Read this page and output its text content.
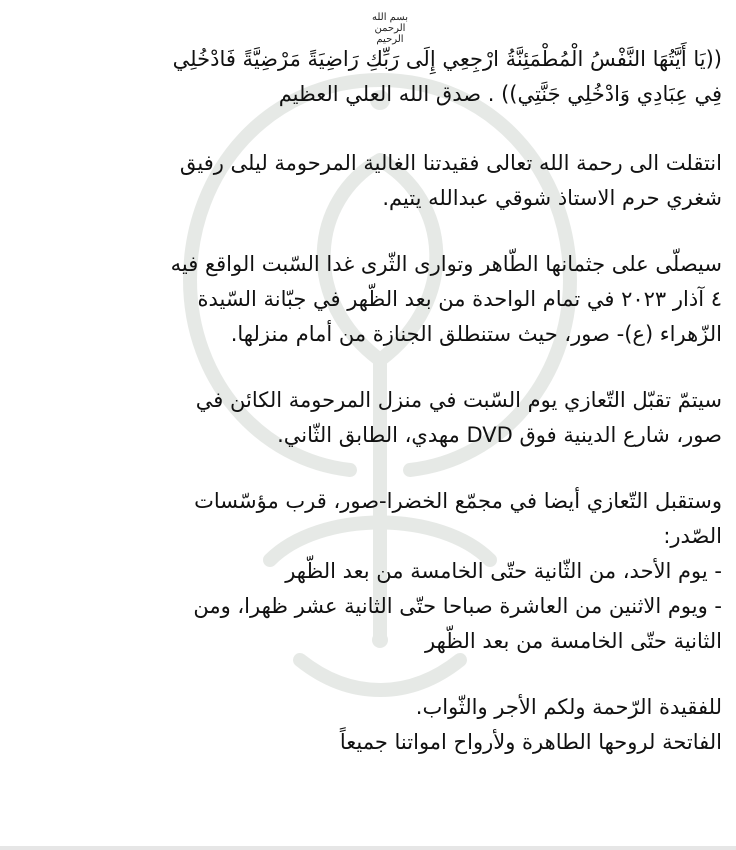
بسم الله الرحمن الرحيم

((يَا أَيَّتُهَا النَّفْسُ الْمُطْمَئِنَّةُ ارْجِعِي إِلَى رَبِّكِ رَاضِيَةً مَرْضِيَّةً فَادْخُلِي
فِي عِبَادِي وَادْخُلِي جَنَّتِي)) . صدق الله العلي العظيم

انتقلت الى رحمة الله تعالى فقيدتنا الغالية المرحومة ليلى رفيق
شغري حرم الاستاذ شوقي عبدالله يتيم.

سيصلّى على جثمانها الطّاهر وتوارى الثّرى غدا السّبت الواقع فيه
٤ آذار ٢٠٢٣ في تمام الواحدة من بعد الظّهر في جبّانة السّيدة
الزّهراء (ع)- صور، حيث ستنطلق الجنازة من أمام منزلها.

سيتمّ تقبّل التّعازي يوم السّبت في منزل المرحومة الكائن في
صور، شارع الدينية فوق DVD مهدي، الطابق الثّاني.

وستقبل التّعازي أيضا في مجمّع الخضرا-صور، قرب مؤسّسات
الصّدر:
- يوم الأحد، من الثّانية حتّى الخامسة من بعد الظّهر
- ويوم الاثنين من العاشرة صباحا حتّى الثانية عشر ظهرا، ومن
الثانية حتّى الخامسة من بعد الظّهر

للفقيدة الرّحمة ولكم الأجر والثّواب.
الفاتحة لروحها الطاهرة ولأرواح امواتنا جميعاً
